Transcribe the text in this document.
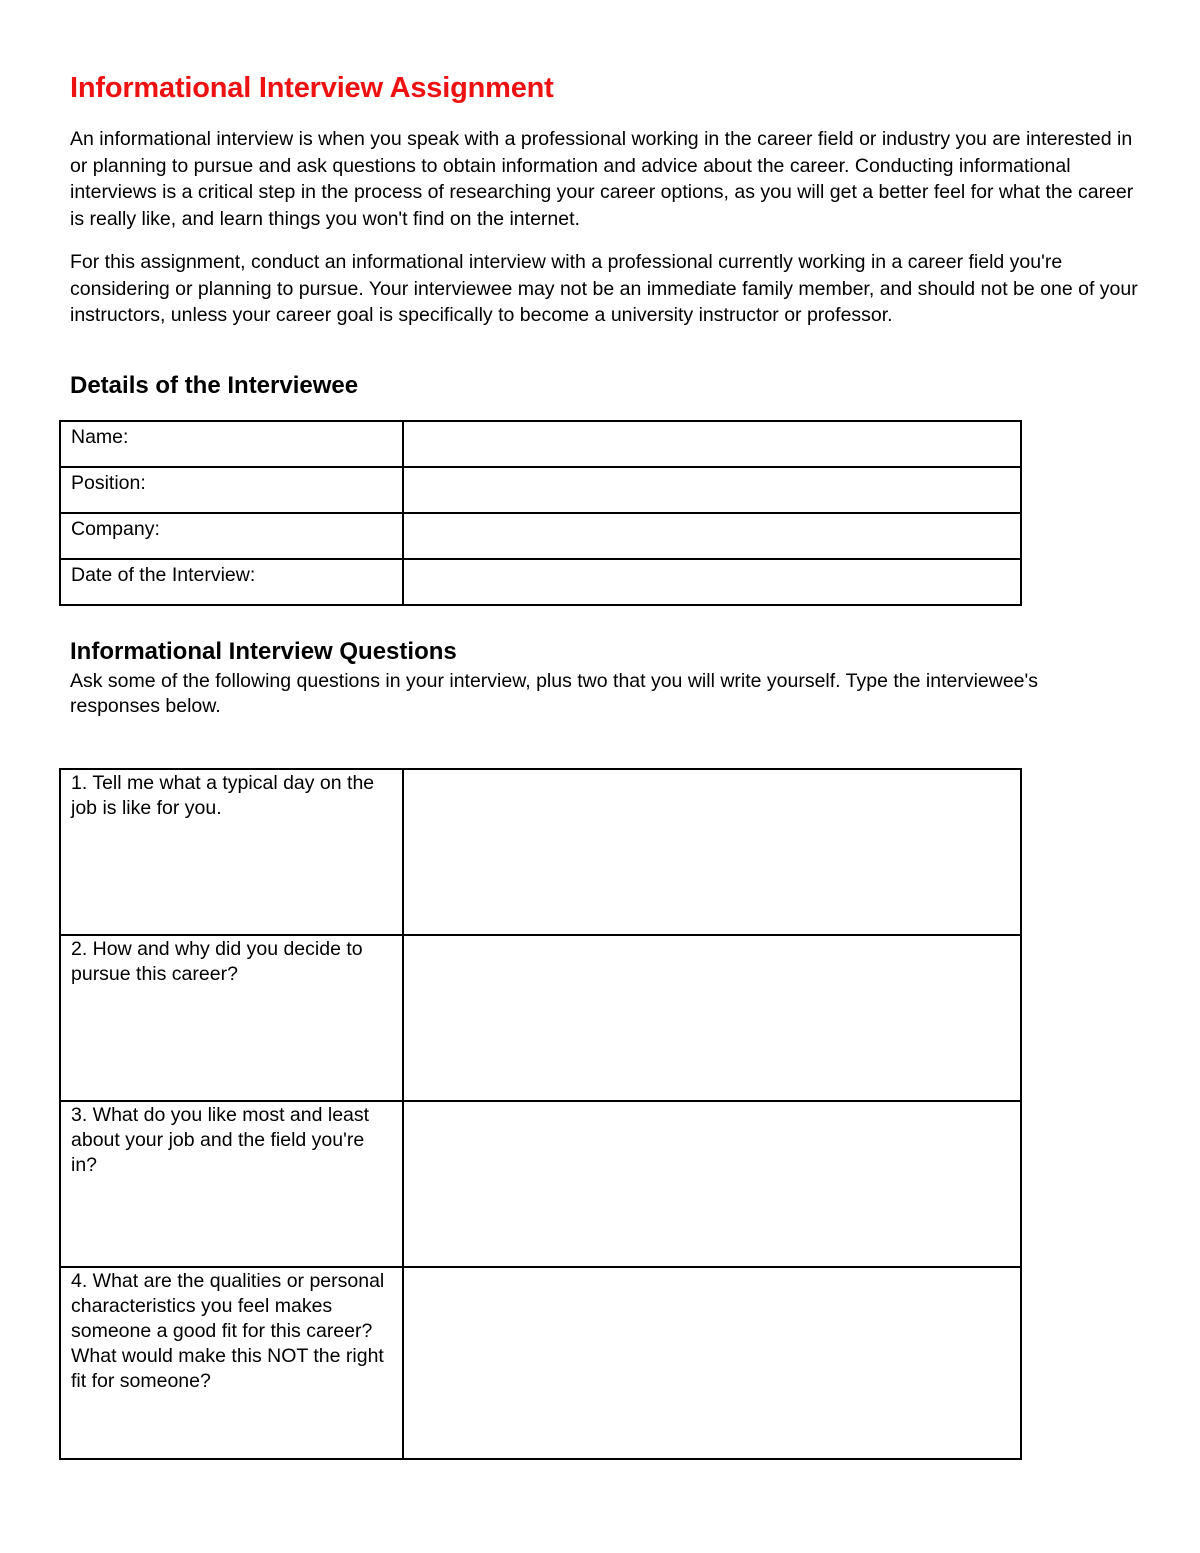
Informational Interview Assignment

An informational interview is when you speak with a professional working in the career field or industry you are interested in or planning to pursue and ask questions to obtain information and advice about the career. Conducting informational interviews is a critical step in the process of researching your career options, as you will get a better feel for what the career is really like, and learn things you won't find on the internet.

For this assignment, conduct an informational interview with a professional currently working in a career field you're considering or planning to pursue. Your interviewee may not be an immediate family member, and should not be one of your instructors, unless your career goal is specifically to become a university instructor or professor.

Details of the Interviewee
Name:	
Position:	
Company:	
Date of the Interview:	
Informational Interview Questions

Ask some of the following questions in your interview, plus two that you will write yourself. Type the interviewee's responses below.

1. Tell me what a typical day on the job is like for you.	
2. How and why did you decide to pursue this career?	
3. What do you like most and least about your job and the field you're in?	
4. What are the qualities or personal characteristics you feel makes someone a good fit for this career? What would make this NOT the right fit for someone?	
